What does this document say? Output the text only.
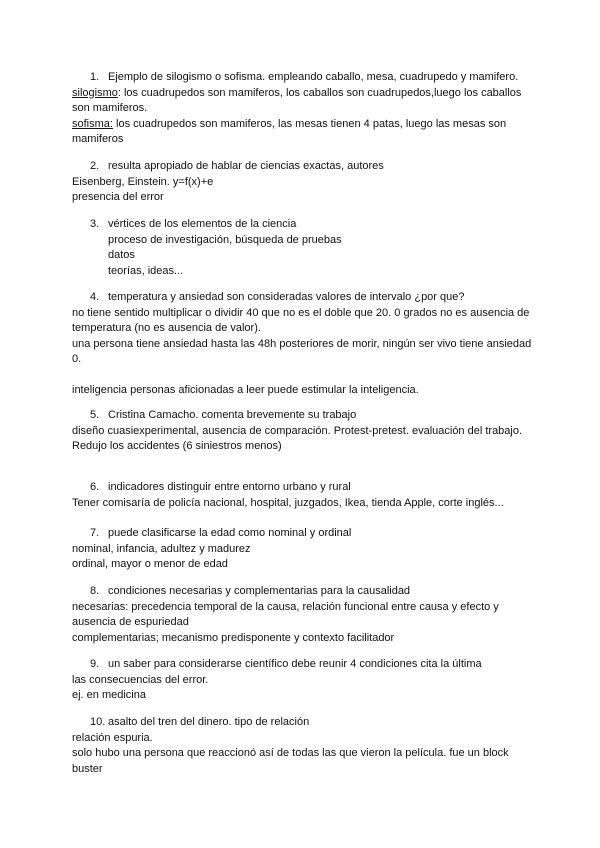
1. Ejemplo de silogismo o sofisma. empleando caballo, mesa, cuadrupedo y mamifero.

silogismo: los cuadrupedos son mamiferos, los caballos son cuadrupedos,luego los caballos son mamiferos.

sofisma: los cuadrupedos son mamiferos, las mesas tienen 4 patas, luego las mesas son mamiferos

2. resulta apropiado de hablar de ciencias exactas, autores

Eisenberg, Einstein. y=f(x)+e

presencia del error

3. vértices de los elementos de la ciencia

proceso de investigación, búsqueda de pruebas

datos

teorías, ideas...

4. temperatura y ansiedad son consideradas valores de intervalo ¿por que?

no tiene sentido multiplicar o dividir 40 que no es el doble que 20. 0 grados no es ausencia de temperatura (no es ausencia de valor).

una persona tiene ansiedad hasta las 48h posteriores de morir, ningún ser vivo tiene ansiedad 0.

inteligencia personas aficionadas a leer puede estimular la inteligencia.

5. Cristina Camacho. comenta brevemente su trabajo

diseño cuasiexperimental, ausencia de comparación. Protest-pretest. evaluación del trabajo.

Redujo los accidentes (6 siniestros menos)

6. indicadores distinguir entre entorno urbano y rural

Tener comisaría de policía nacional, hospital, juzgados, Ikea, tienda Apple, corte inglés...

7. puede clasificarse la edad como nominal y ordinal

nominal, infancia, adultez y madurez

ordinal, mayor o menor de edad

8. condiciones necesarias y complementarias para la causalidad

necesarias: precedencia temporal de la causa, relación funcional entre causa y efecto y ausencia de espuriedad

complementarias; mecanismo predisponente y contexto facilitador

9. un saber para considerarse científico debe reunir 4 condiciones cita la última

las consecuencias del error.

ej. en medicina

10. asalto del tren del dinero. tipo de relación

relación espuria.

solo hubo una persona que reaccionó así de todas las que vieron la película. fue un block buster
